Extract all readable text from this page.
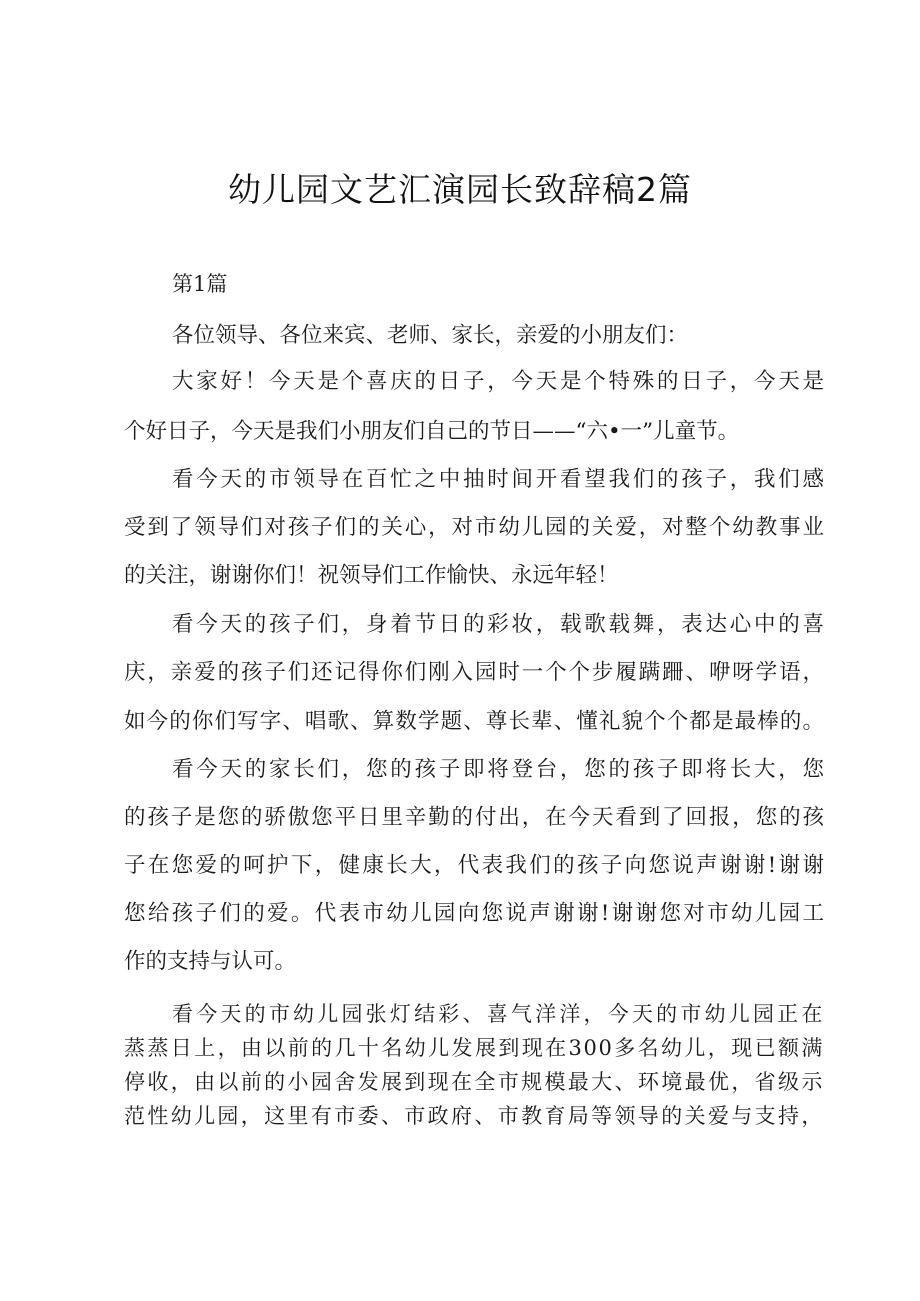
幼儿园文艺汇演园长致辞稿2篇
第1篇
各位领导、各位来宾、老师、家长，亲爱的小朋友们：
大家好！今天是个喜庆的日子，今天是个特殊的日子，今天是
个好日子，今天是我们小朋友们自己的节日——“六•一”儿童节。
看今天的市领导在百忙之中抽时间开看望我们的孩子，我们感
受到了领导们对孩子们的关心，对市幼儿园的关爱，对整个幼教事业
的关注，谢谢你们！祝领导们工作愉快、永远年轻！
看今天的孩子们，身着节日的彩妆，载歌载舞，表达心中的喜
庆，亲爱的孩子们还记得你们刚入园时一个个步履蹒跚、咿呀学语，
如今的你们写字、唱歌、算数学题、尊长辈、懂礼貌个个都是最棒的。
看今天的家长们，您的孩子即将登台，您的孩子即将长大，您
的孩子是您的骄傲您平日里辛勤的付出，在今天看到了回报，您的孩
子在您爱的呵护下，健康长大，代表我们的孩子向您说声谢谢!谢谢
您给孩子们的爱。代表市幼儿园向您说声谢谢!谢谢您对市幼儿园工
作的支持与认可。
看今天的市幼儿园张灯结彩、喜气洋洋，今天的市幼儿园正在
蒸蒸日上，由以前的几十名幼儿发展到现在300多名幼儿，现已额满
停收，由以前的小园舍发展到现在全市规模最大、环境最优，省级示
范性幼儿园，这里有市委、市政府、市教育局等领导的关爱与支持，
